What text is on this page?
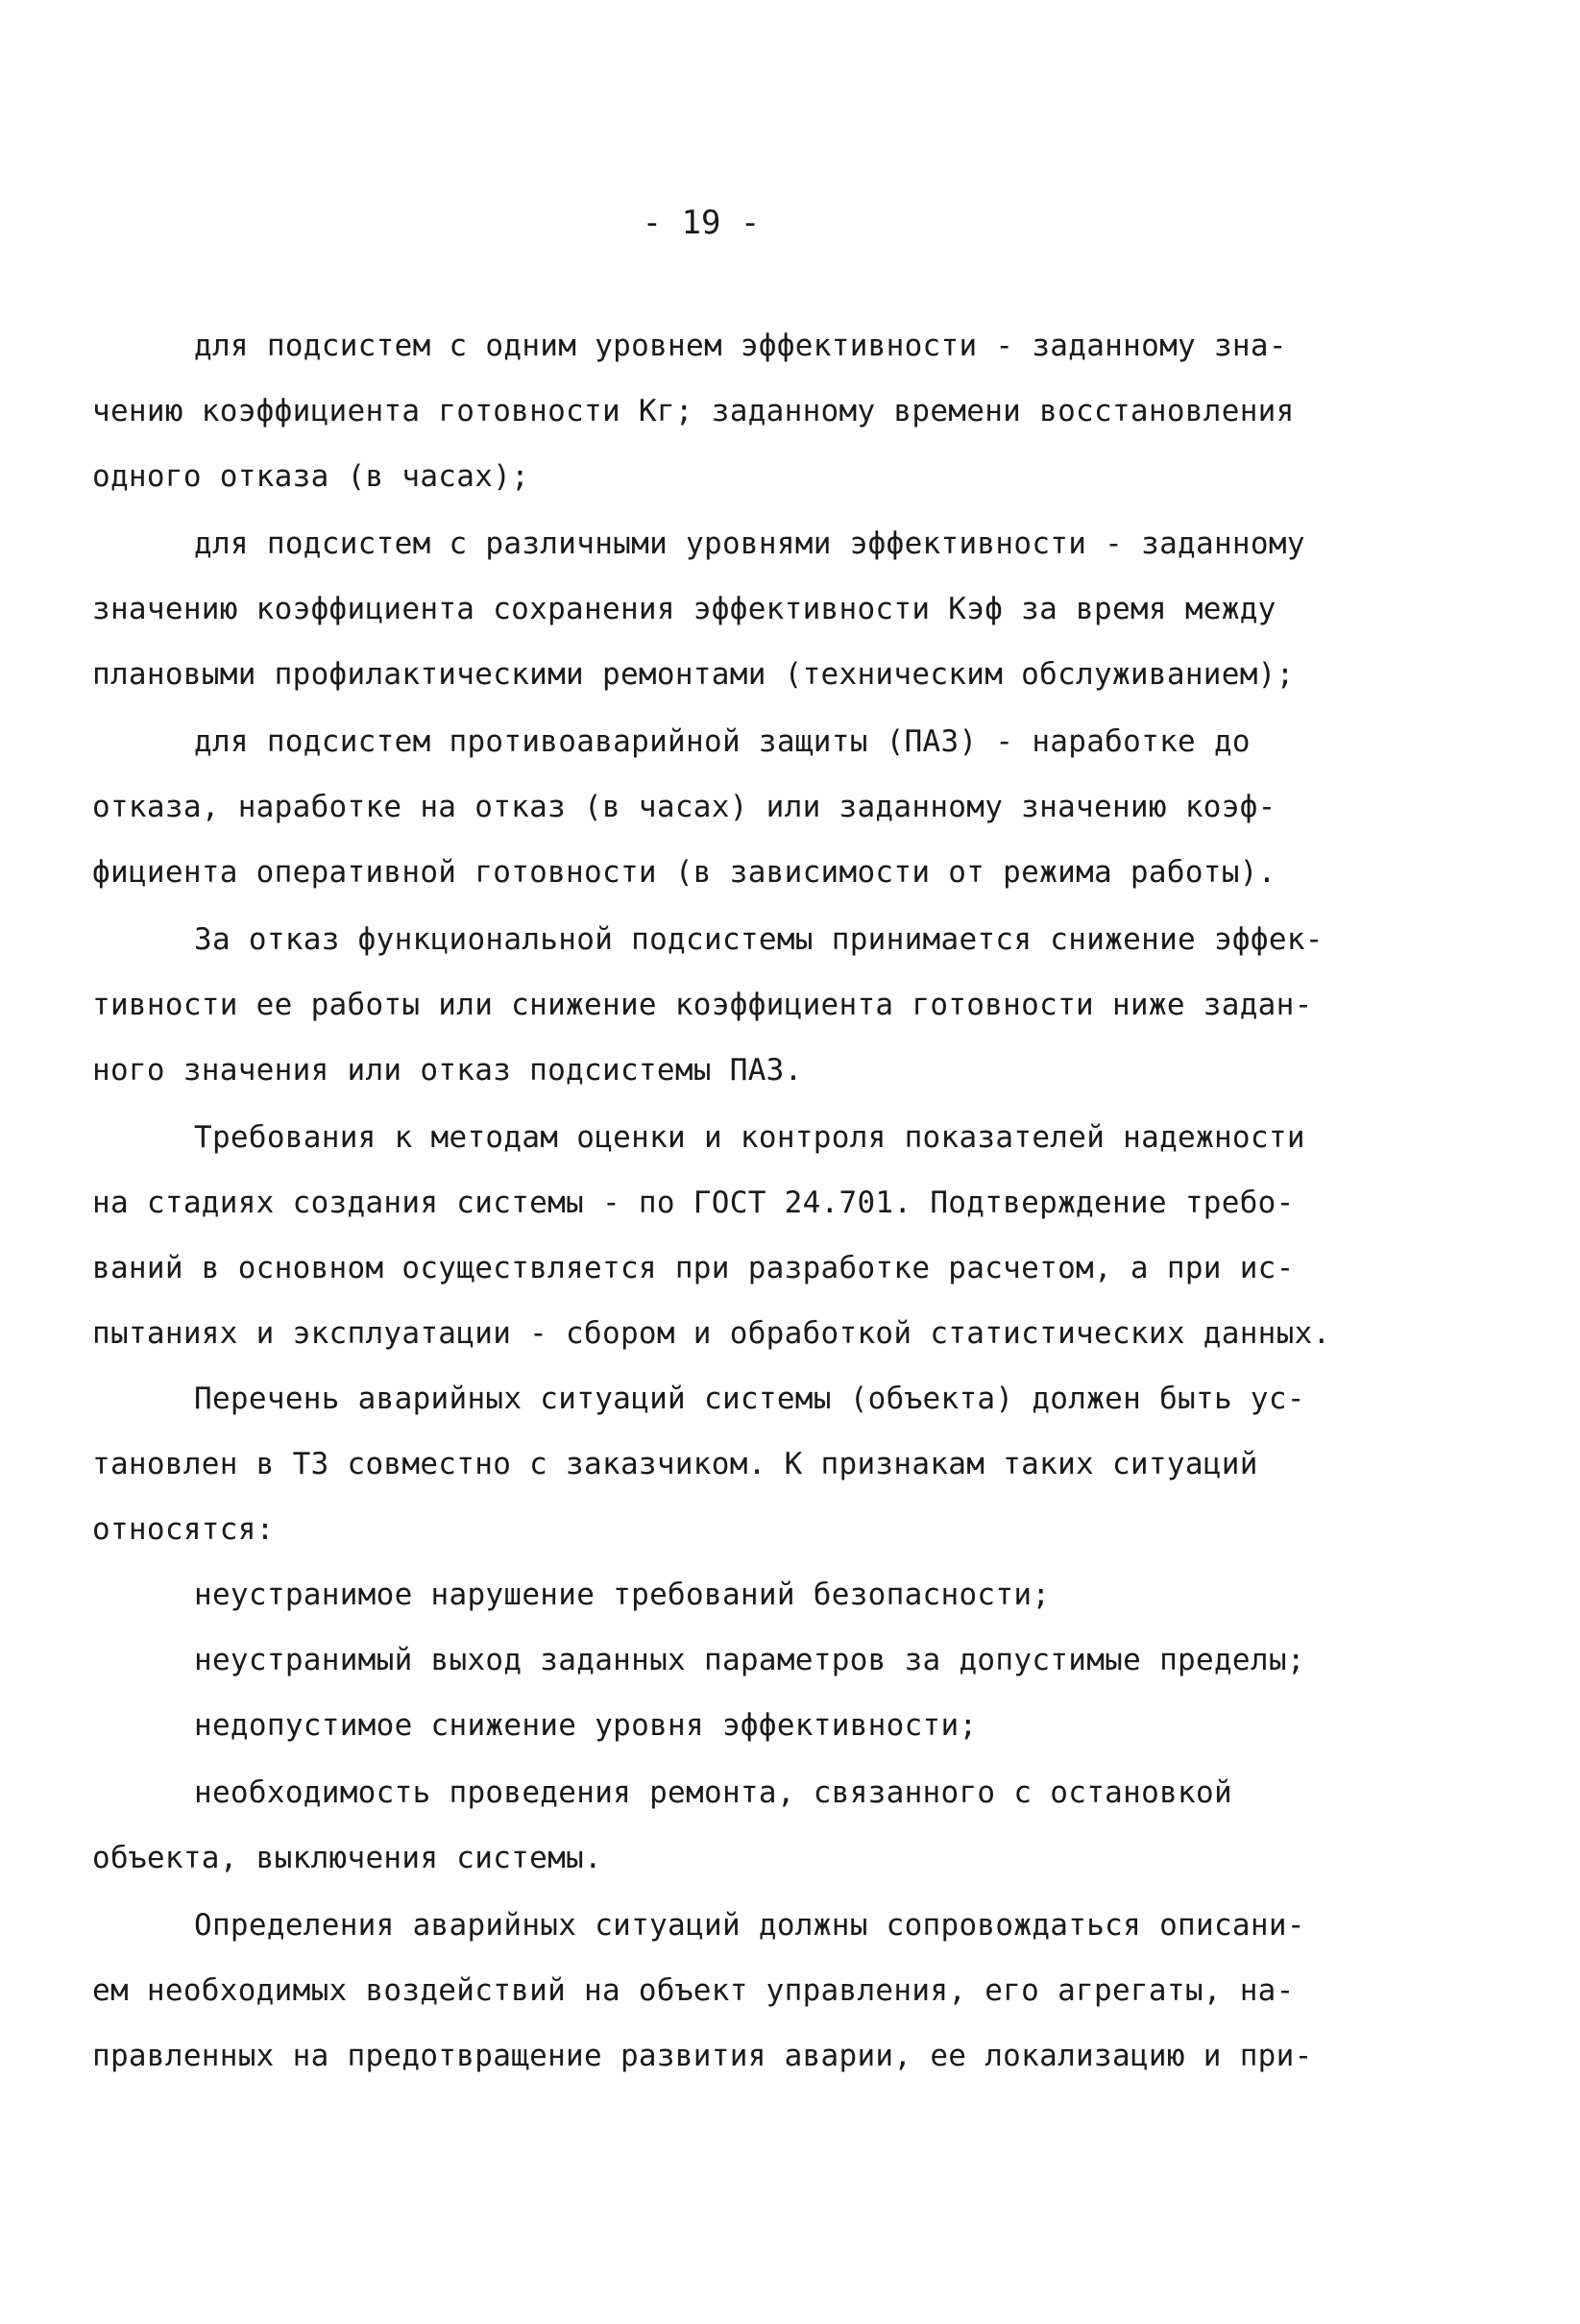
- 19 -
для подсистем с одним уровнем эффективности - заданному зна-
чению коэффициента готовности Кг; заданному времени восстановления
одного отказа (в часах);
для подсистем с различными уровнями эффективности - заданному
значению коэффициента сохранения эффективности Кэф за время между
плановыми профилактическими ремонтами (техническим обслуживанием);
для подсистем противоаварийной защиты (ПАЗ) - наработке до
отказа, наработке на отказ (в часах) или заданному значению коэф-
фициента оперативной готовности (в зависимости от режима работы).
За отказ функциональной подсистемы принимается снижение эффек-
тивности ее работы или снижение коэффициента готовности ниже задан-
ного значения или отказ подсистемы ПАЗ.
Требования к методам оценки и контроля показателей надежности
на стадиях создания системы - по ГОСТ 24.701. Подтверждение требо-
ваний в основном осуществляется при разработке расчетом, а при ис-
пытаниях и эксплуатации - сбором и обработкой статистических данных.
Перечень аварийных ситуаций системы (объекта) должен быть ус-
тановлен в ТЗ совместно с заказчиком. К признакам таких ситуаций
относятся:
неустранимое нарушение требований безопасности;
неустранимый выход заданных параметров за допустимые пределы;
недопустимое снижение уровня эффективности;
необходимость проведения ремонта, связанного с остановкой
объекта, выключения системы.
Определения аварийных ситуаций должны сопровождаться описани-
ем необходимых воздействий на объект управления, его агрегаты, на-
правленных на предотвращение развития аварии, ее локализацию и при-
